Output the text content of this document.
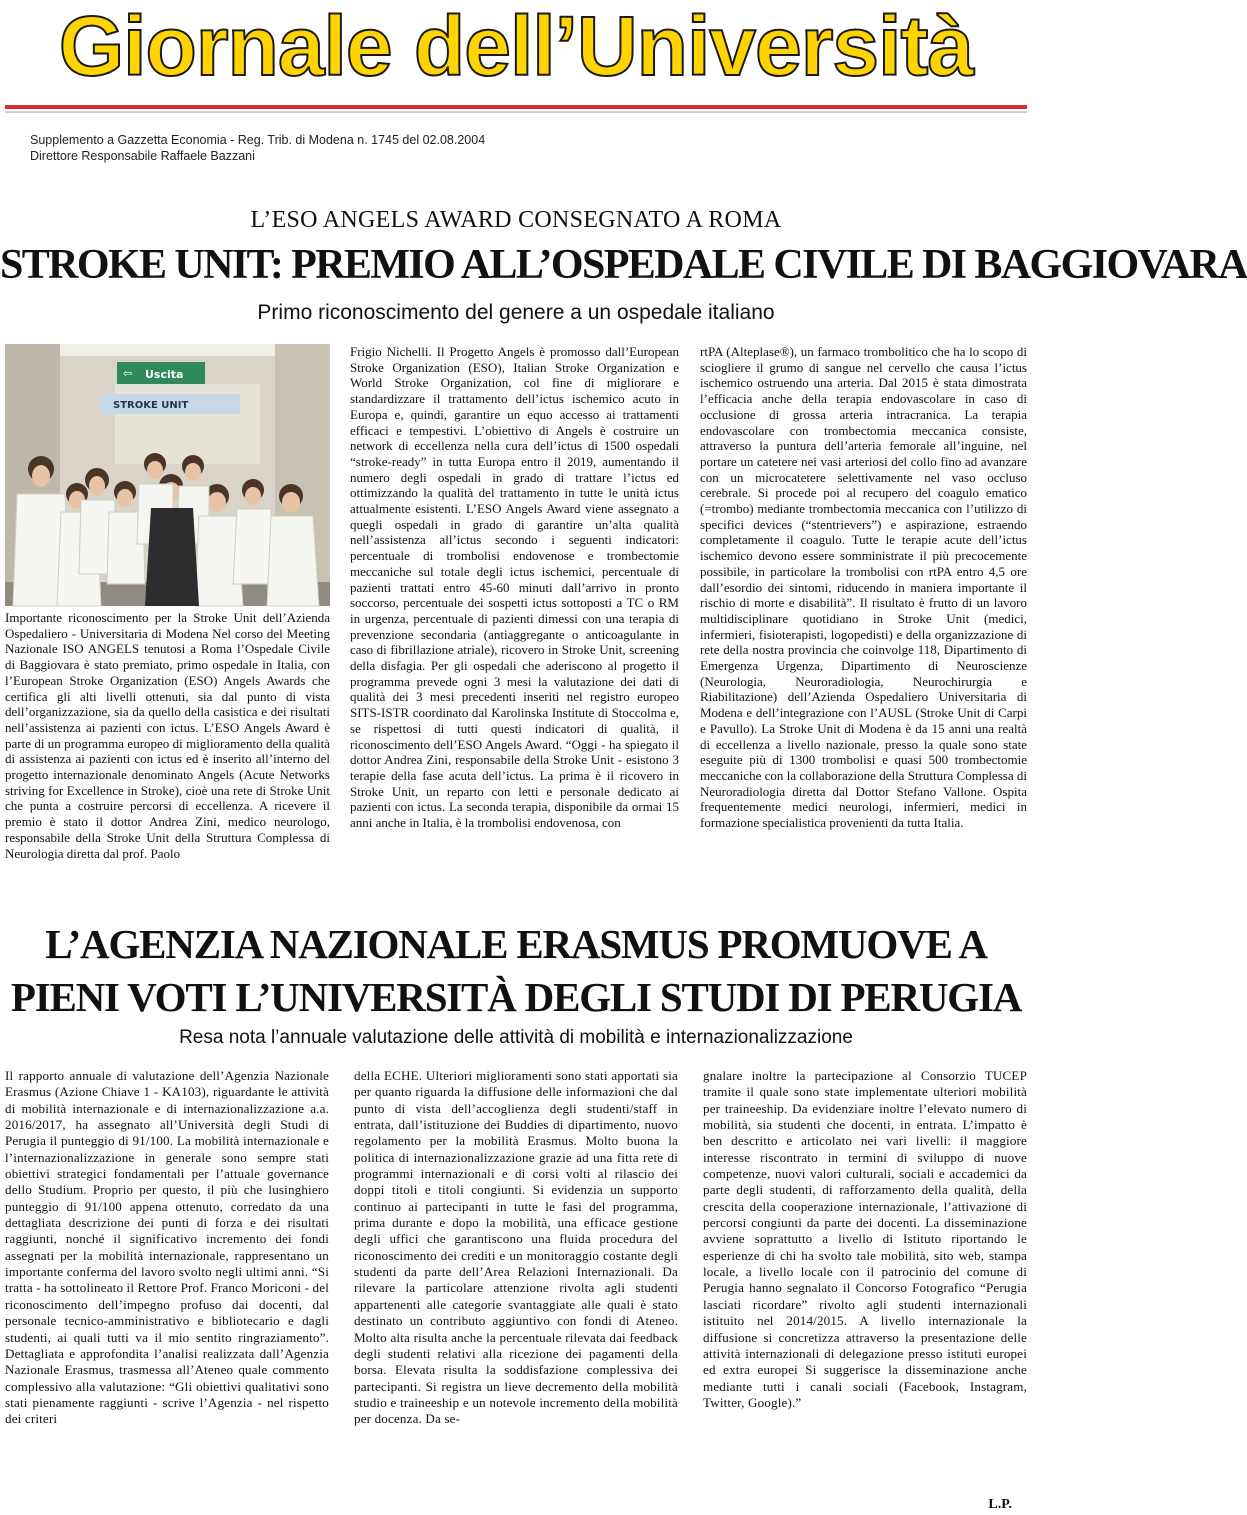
Giornale dell’Università
Supplemento a Gazzetta Economia - Reg. Trib. di Modena n. 1745 del 02.08.2004
Direttore Responsabile Raffaele Bazzani
L’ESO ANGELS AWARD CONSEGNATO A ROMA
STROKE UNIT: PREMIO ALL’OSPEDALE CIVILE DI BAGGIOVARA
Primo riconoscimento del genere a un ospedale italiano
⇦ Uscita
STROKE UNIT
Importante riconoscimento per la Stroke Unit dell’Azienda Ospedaliero - Universitaria di Modena Nel corso del Meeting Nazionale ISO ANGELS tenutosi a Roma l’Ospedale Civile di Baggiovara è stato premiato, primo ospedale in Italia, con l’European Stroke Organization (ESO) Angels Awards che certifica gli alti livelli ottenuti, sia dal punto di vista dell’organizzazione, sia da quello della casistica e dei risultati nell’assistenza ai pazienti con ictus. L’ESO Angels Award è parte di un programma europeo di miglioramento della qualità di assistenza ai pazienti con ictus ed è inserito all’interno del progetto internazionale denominato Angels (Acute Networks striving for Excellence in Stroke), cioè una rete di Stroke Unit che punta a costruire percorsi di eccellenza. A ricevere il premio è stato il dottor Andrea Zini, medico neurologo, responsabile della Stroke Unit della Struttura Complessa di Neurologia diretta dal prof. Paolo
Frigio Nichelli. Il Progetto Angels è promosso dall’European Stroke Organization (ESO), Italian Stroke Organization e World Stroke Organization, col fine di migliorare e standardizzare il trattamento dell’ictus ischemico acuto in Europa e, quindi, garantire un equo accesso ai trattamenti efficaci e tempestivi. L’obiettivo di Angels è costruire un network di eccellenza nella cura dell’ictus di 1500 ospedali “stroke-ready” in tutta Europa entro il 2019, aumentando il numero degli ospedali in grado di trattare l’ictus ed ottimizzando la qualità del trattamento in tutte le unità ictus attualmente esistenti. L’ESO Angels Award viene assegnato a quegli ospedali in grado di garantire un’alta qualità nell’assistenza all’ictus secondo i seguenti indicatori: percentuale di trombolisi endovenose e trombectomie meccaniche sul totale degli ictus ischemici, percentuale di pazienti trattati entro 45-60 minuti dall’arrivo in pronto soccorso, percentuale dei sospetti ictus sottoposti a TC o RM in urgenza, percentuale di pazienti dimessi con una terapia di prevenzione secondaria (antiaggregante o anticoagulante in caso di fibrillazione atriale), ricovero in Stroke Unit, screening della disfagia. Per gli ospedali che aderiscono al progetto il programma prevede ogni 3 mesi la valutazione dei dati di qualità dei 3 mesi precedenti inseriti nel registro europeo SITS-ISTR coordinato dal Karolinska Institute di Stoccolma e, se rispettosi di tutti questi indicatori di qualità, il riconoscimento dell’ESO Angels Award. “Oggi - ha spiegato il dottor Andrea Zini, responsabile della Stroke Unit - esistono 3 terapie della fase acuta dell’ictus. La prima è il ricovero in Stroke Unit, un reparto con letti e personale dedicato ai pazienti con ictus. La seconda terapia, disponibile da ormai 15 anni anche in Italia, è la trombolisi endovenosa, con
rtPA (Alteplase®), un farmaco trombolitico che ha lo scopo di sciogliere il grumo di sangue nel cervello che causa l’ictus ischemico ostruendo una arteria. Dal 2015 è stata dimostrata l’efficacia anche della terapia endovascolare in caso di occlusione di grossa arteria intracranica. La terapia endovascolare con trombectomia meccanica consiste, attraverso la puntura dell’arteria femorale all’inguine, nel portare un catetere nei vasi arteriosi del collo fino ad avanzare con un microcatetere selettivamente nel vaso occluso cerebrale. Si procede poi al recupero del coagulo ematico (=trombo) mediante trombectomia meccanica con l’utilizzo di specifici devices (“stentrievers”) e aspirazione, estraendo completamente il coagulo. Tutte le terapie acute dell’ictus ischemico devono essere somministrate il più precocemente possibile, in particolare la trombolisi con rtPA entro 4,5 ore dall’esordio dei sintomi, riducendo in maniera importante il rischio di morte e disabilità”. Il risultato è frutto di un lavoro multidisciplinare quotidiano in Stroke Unit (medici, infermieri, fisioterapisti, logopedisti) e della organizzazione di rete della nostra provincia che coinvolge 118, Dipartimento di Emergenza Urgenza, Dipartimento di Neuroscienze (Neurologia, Neuroradiologia, Neurochirurgia e Riabilitazione) dell’Azienda Ospedaliero Universitaria di Modena e dell’integrazione con l’AUSL (Stroke Unit di Carpi e Pavullo). La Stroke Unit di Modena è da 15 anni una realtà di eccellenza a livello nazionale, presso la quale sono state eseguite più di 1300 trombolisi e quasi 500 trombectomie meccaniche con la collaborazione della Struttura Complessa di Neuroradiologia diretta dal Dottor Stefano Vallone. Ospita frequentemente medici neurologi, infermieri, medici in formazione specialistica provenienti da tutta Italia.
L’AGENZIA NAZIONALE ERASMUS PROMUOVE A
PIENI VOTI L’UNIVERSITÀ DEGLI STUDI DI PERUGIA
Resa nota l’annuale valutazione delle attività di mobilità e internazionalizzazione
Il rapporto annuale di valutazione dell’Agenzia Nazionale Erasmus (Azione Chiave 1 - KA103), riguardante le attività di mobilità internazionale e di internazionalizzazione a.a. 2016/2017, ha assegnato all’Università degli Studi di Perugia il punteggio di 91/100. La mobilità internazionale e l’internazionalizzazione in generale sono sempre stati obiettivi strategici fondamentali per l’attuale governance dello Studium. Proprio per questo, il più che lusinghiero punteggio di 91/100 appena ottenuto, corredato da una dettagliata descrizione dei punti di forza e dei risultati raggiunti, nonché il significativo incremento dei fondi assegnati per la mobilità internazionale, rappresentano un importante conferma del lavoro svolto negli ultimi anni. “Si tratta - ha sottolineato il Rettore Prof. Franco Moriconi - del riconoscimento dell’impegno profuso dai docenti, dal personale tecnico-amministrativo e bibliotecario e dagli studenti, ai quali tutti va il mio sentito ringraziamento”. Dettagliata e approfondita l’analisi realizzata dall’Agenzia Nazionale Erasmus, trasmessa all’Ateneo quale commento complessivo alla valutazione: “Gli obiettivi qualitativi sono stati pienamente raggiunti - scrive l’Agenzia - nel rispetto dei criteri
della ECHE. Ulteriori miglioramenti sono stati apportati sia per quanto riguarda la diffusione delle informazioni che dal punto di vista dell’accoglienza degli studenti/staff in entrata, dall’istituzione dei Buddies di dipartimento, nuovo regolamento per la mobilità Erasmus. Molto buona la politica di internazionalizzazione grazie ad una fitta rete di programmi internazionali e di corsi volti al rilascio dei doppi titoli e titoli congiunti. Si evidenzia un supporto continuo ai partecipanti in tutte le fasi del programma, prima durante e dopo la mobilità, una efficace gestione degli uffici che garantiscono una fluida procedura del riconoscimento dei crediti e un monitoraggio costante degli studenti da parte dell’Area Relazioni Internazionali. Da rilevare la particolare attenzione rivolta agli studenti appartenenti alle categorie svantaggiate alle quali è stato destinato un contributo aggiuntivo con fondi di Ateneo. Molto alta risulta anche la percentuale rilevata dai feedback degli studenti relativi alla ricezione dei pagamenti della borsa. Elevata risulta la soddisfazione complessiva dei partecipanti. Si registra un lieve decremento della mobilità studio e traineeship e un notevole incremento della mobilità per docenza. Da se-
gnalare inoltre la partecipazione al Consorzio TUCEP tramite il quale sono state implementate ulteriori mobilità per traineeship. Da evidenziare inoltre l’elevato numero di mobilità, sia studenti che docenti, in entrata. L’impatto è ben descritto e articolato nei vari livelli: il maggiore interesse riscontrato in termini di sviluppo di nuove competenze, nuovi valori culturali, sociali e accademici da parte degli studenti, di rafforzamento della qualità, della crescita della cooperazione internazionale, l’attivazione di percorsi congiunti da parte dei docenti. La disseminazione avviene soprattutto a livello di Istituto riportando le esperienze di chi ha svolto tale mobilità, sito web, stampa locale, a livello locale con il patrocinio del comune di Perugia hanno segnalato il Concorso Fotografico “Perugia lasciati ricordare” rivolto agli studenti internazionali istituito nel 2014/2015. A livello internazionale la diffusione si concretizza attraverso la presentazione delle attività internazionali di delegazione presso istituti europei ed extra europei Si suggerisce la disseminazione anche mediante tutti i canali sociali (Facebook, Instagram, Twitter, Google).”
L.P.
